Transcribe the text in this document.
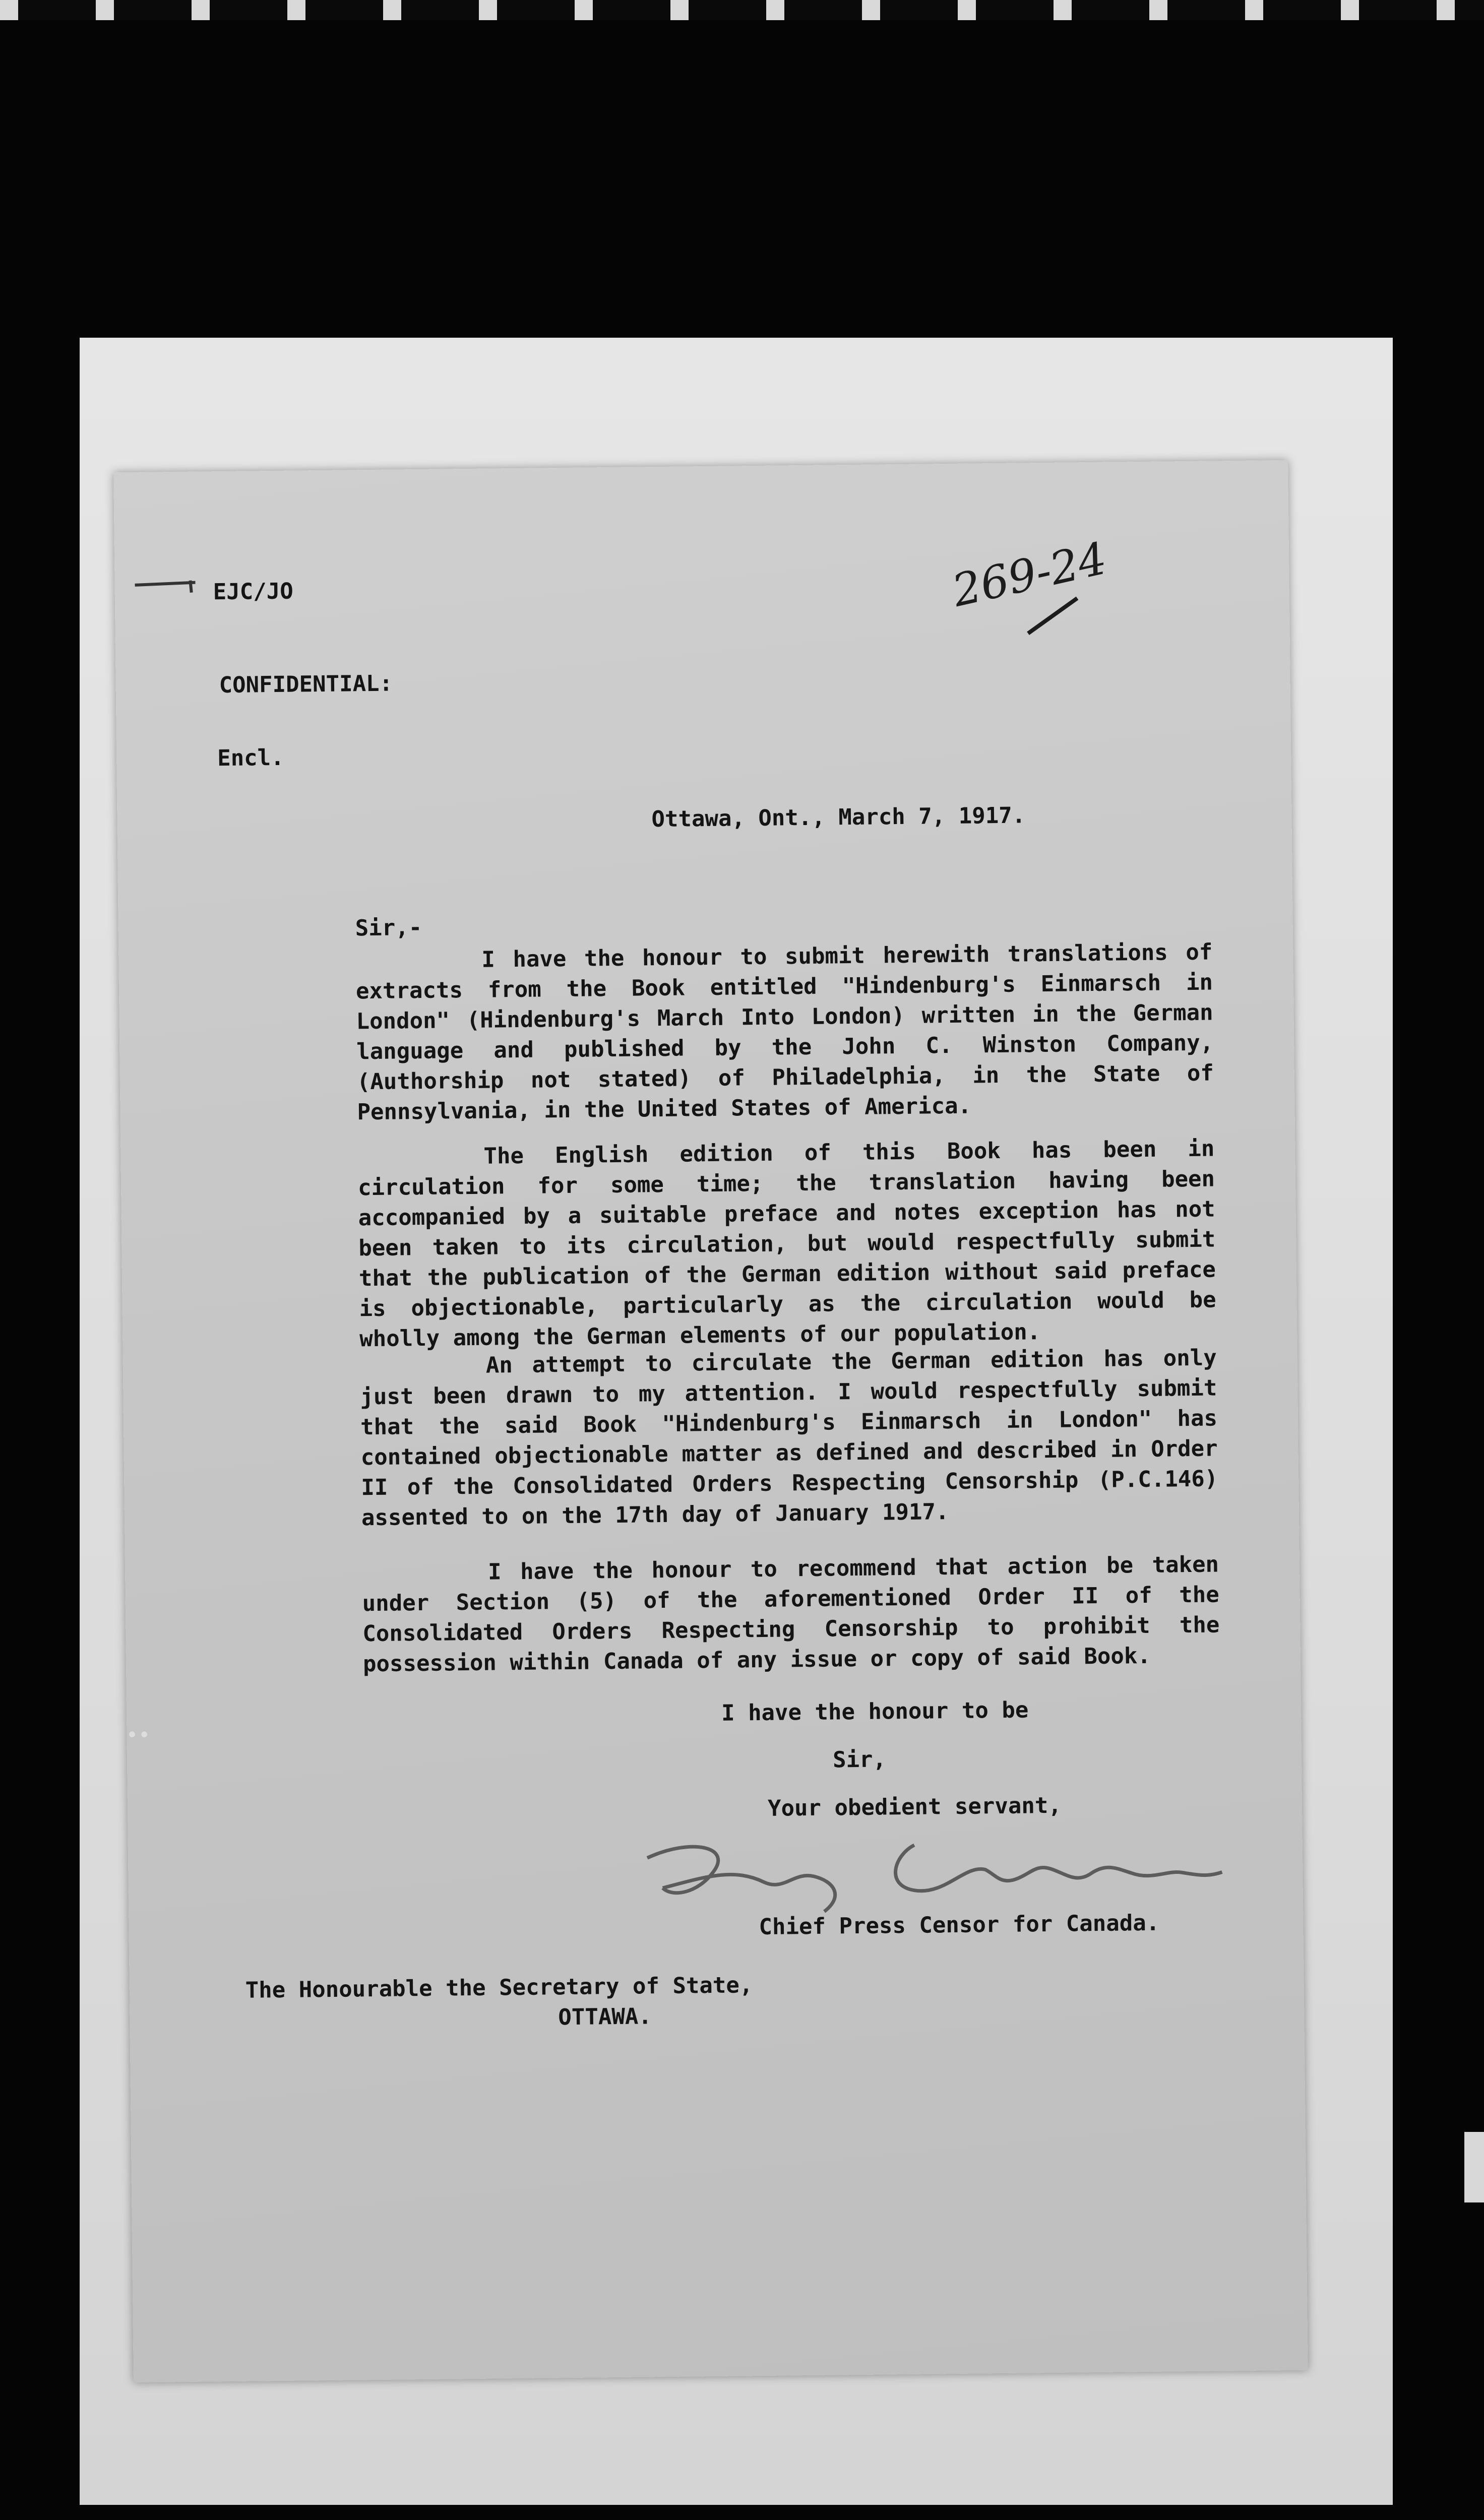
EJC/JO	269-24
CONFIDENTIAL:
Encl.
Ottawa, Ont., March 7, 1917.
Sir,-
I have the honour to submit herewith translations of extracts from the Book entitled "Hindenburg's Einmarsch in London" (Hindenburg's March Into London) written in the German language and published by the John C. Winston Company,(Authorship not stated) of Philadelphia, in the State of Pennsylvania, in the United States of America.
The English edition of this Book has been in circulation for some time; the translation having been accompanied by a suitable preface and notes exception has not been taken to its circulation, but would respectfully submit that the publication of the German edition without said preface is objectionable, particularly as the circulation would be wholly among the German elements of our population.
An attempt to circulate the German edition has only just been drawn to my attention. I would respectfully submit that the said Book "Hindenburg's Einmarsch in London" has contained objectionable matter as defined and described in Order II of the Consolidated Orders Respecting Censorship (P.C.146) assented to on the 17th day of January 1917.
I have the honour to recommend that action be taken under Section (5) of the aforementioned Order II of the Consolidated Orders Respecting Censorship to prohibit the possession within Canada of any issue or copy of said Book.
I have the honour to be
Sir,
Your obedient servant,
Chief Press Censor for Canada.
The Honourable the Secretary of State,
OTTAWA.
••
